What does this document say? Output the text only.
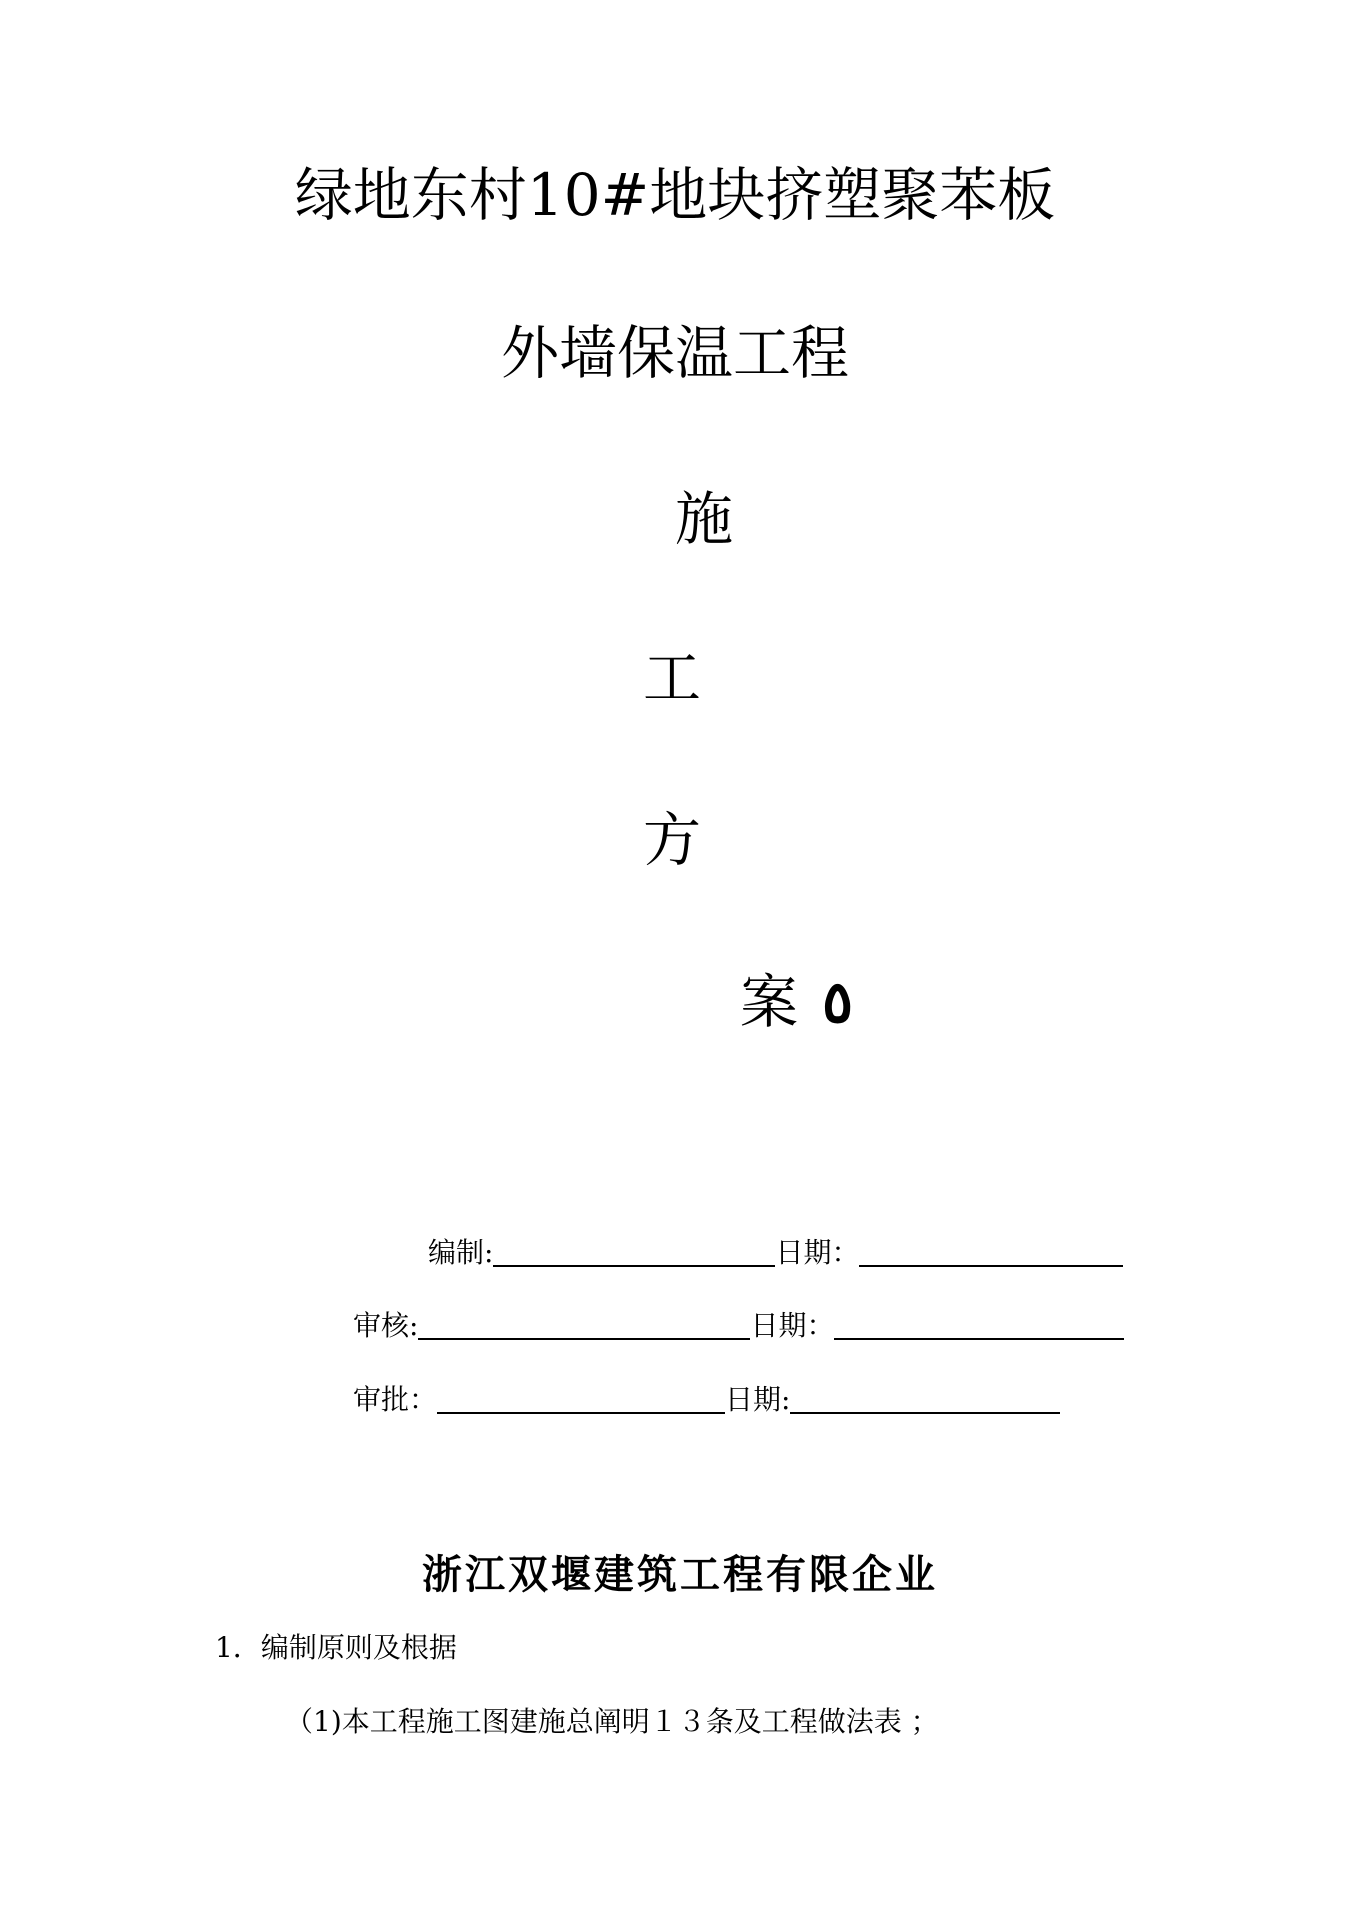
绿地东村10#地块挤塑聚苯板
外墙保温工程
施
工
方
案 ٥
编制:	日期：
审核:	日期：
审批：	日期:
浙江双堰建筑工程有限企业
1．编制原则及根据
（1)本工程施工图建施总阐明１３条及工程做法表 ；
